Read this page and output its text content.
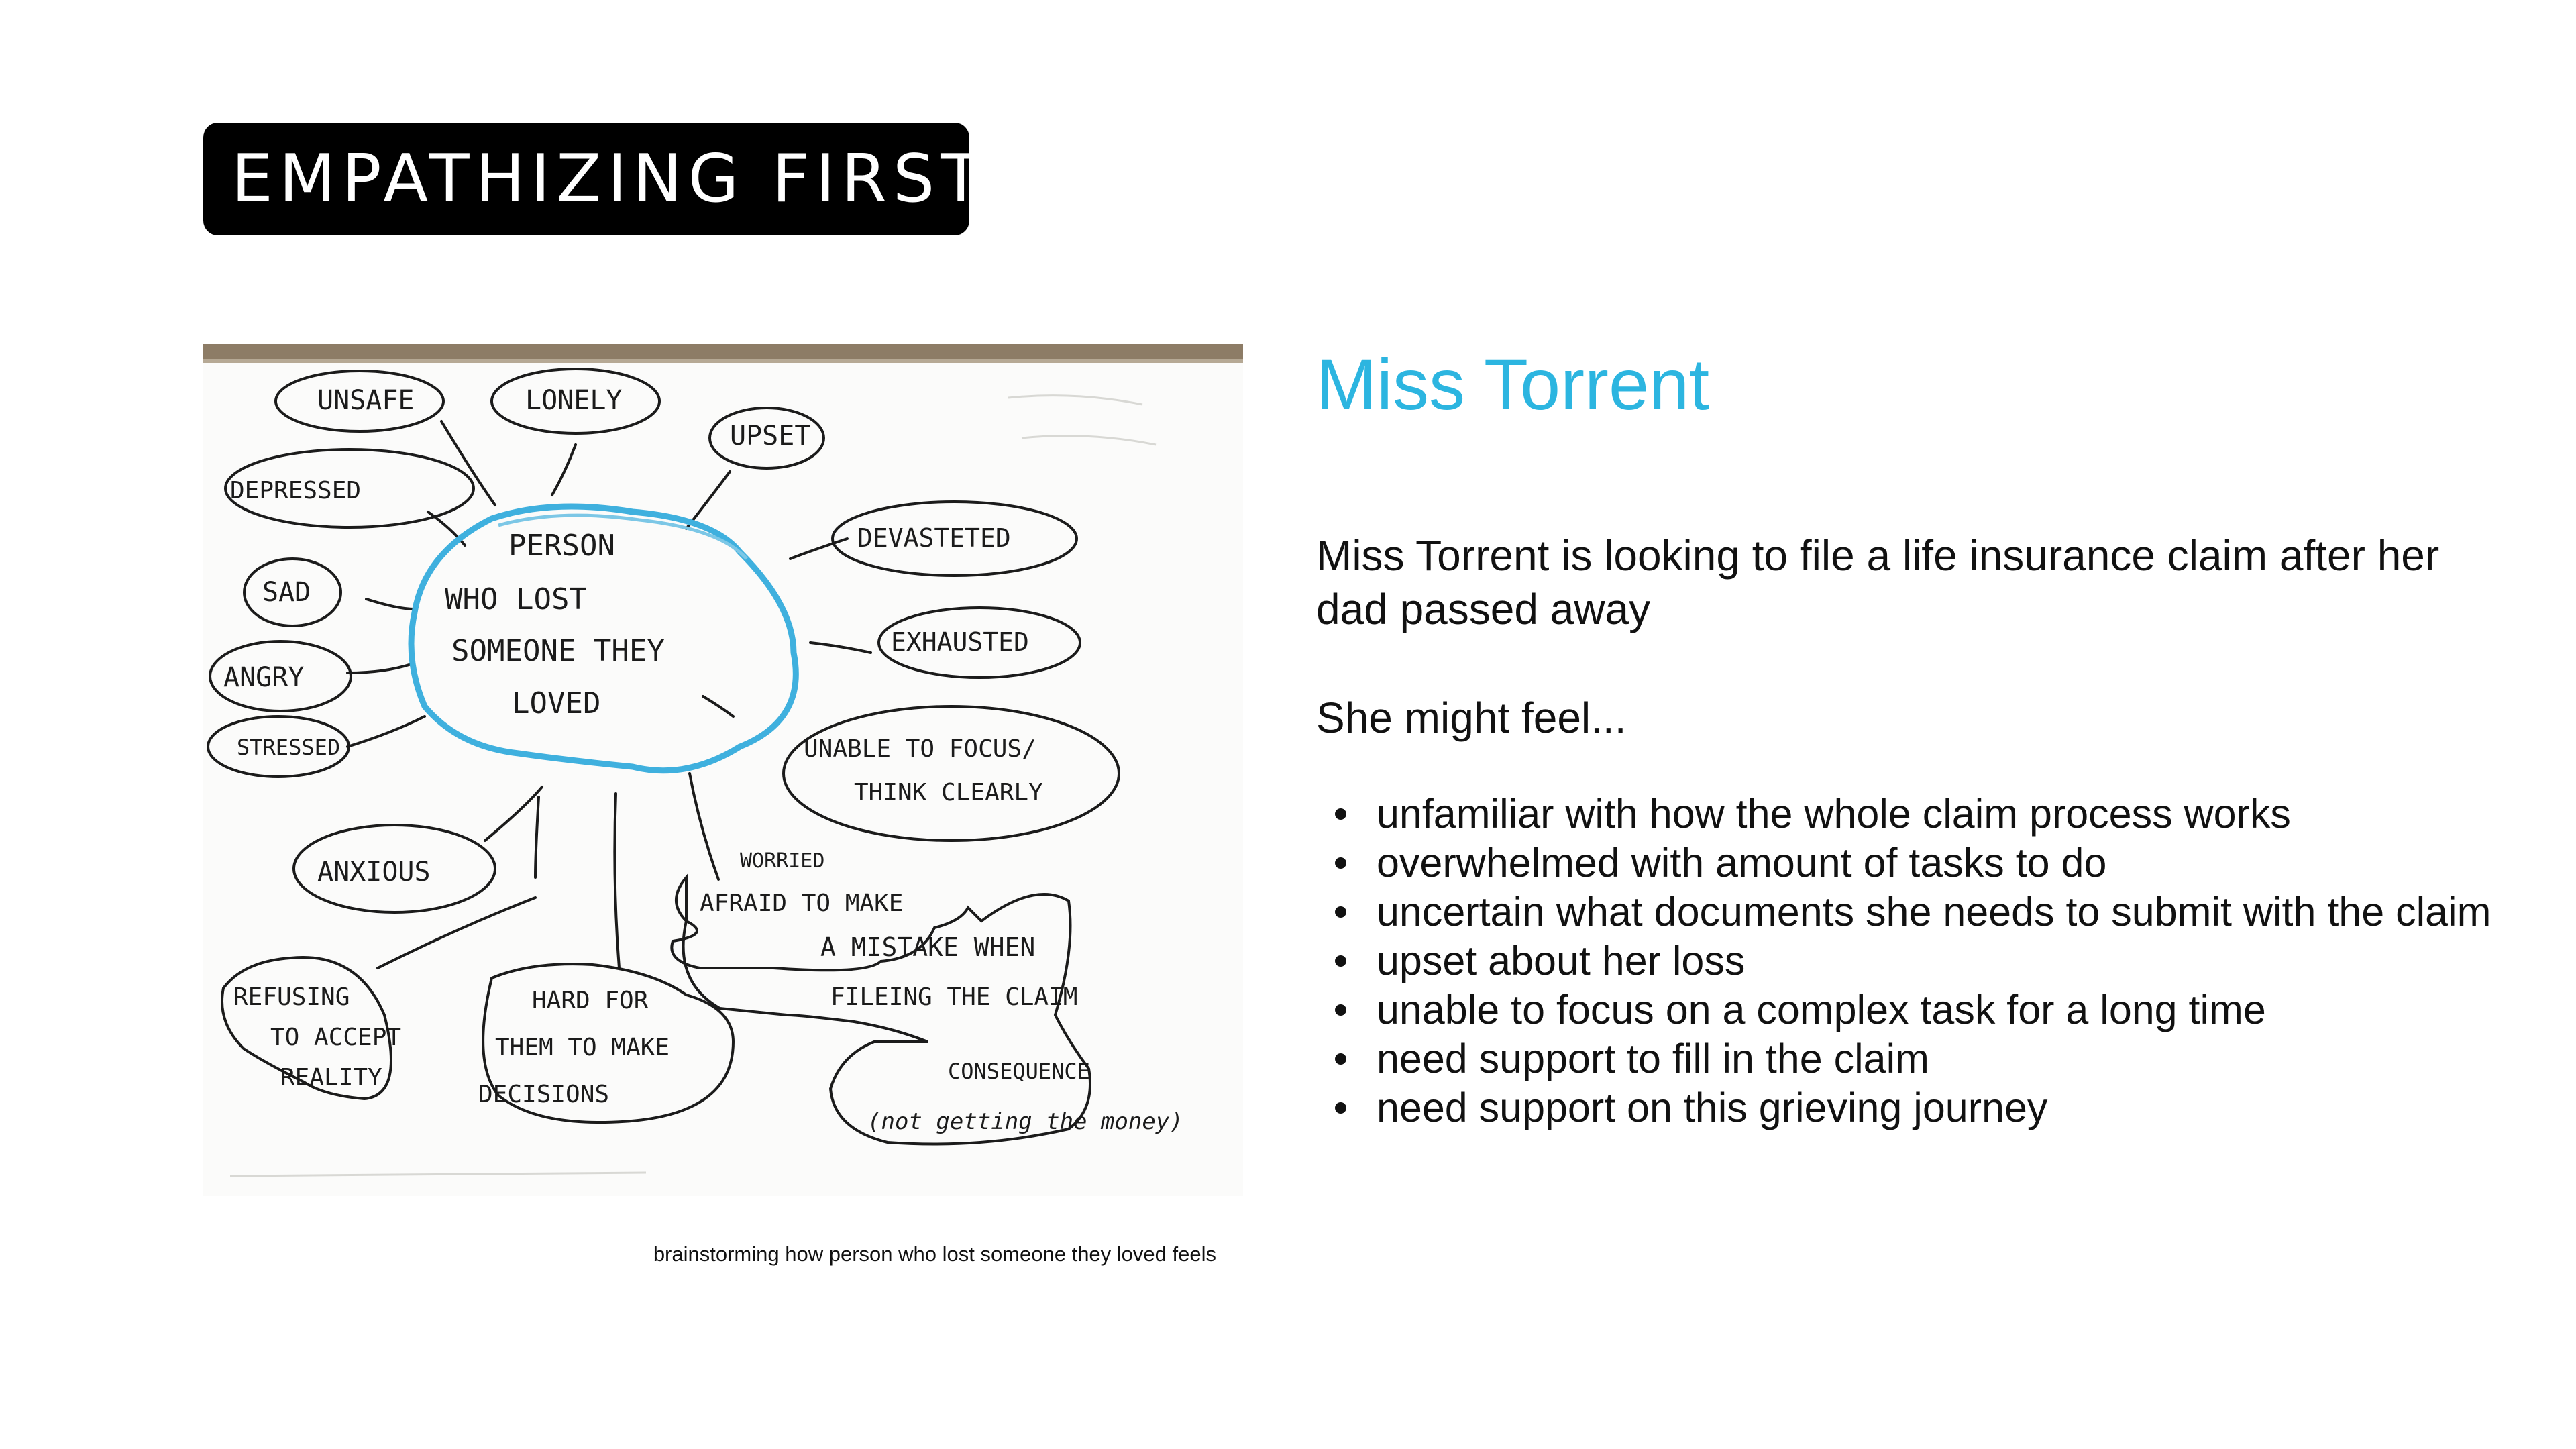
EMPATHIZING FIRST
PERSON
WHO LOST
SOMEONE THEY
LOVED
UNSAFE	LONELY
UPSET
DEPRESSED
DEVASTETED
SAD
EXHAUSTED
ANGRY
STRESSED	UNABLE TO FOCUS/
THINK CLEARLY
ANXIOUS	WORRIED
AFRAID TO MAKE
A MISTAKE WHEN
FILEING THE CLAIM
REFUSING
TO ACCEPT
REALITY
HARD FOR
THEM TO MAKE
DECISIONS
CONSEQUENCE
(not getting the money)
brainstorming how person who lost someone they loved feels
Miss Torrent

Miss Torrent is looking to file a life insurance claim after her dad passed away

She might feel...

unfamiliar with how the whole claim process works
overwhelmed with amount of tasks to do
uncertain what documents she needs to submit with the claim
upset about her loss
unable to focus on a complex task for a long time
need support to fill in the claim
need support on this grieving journey
